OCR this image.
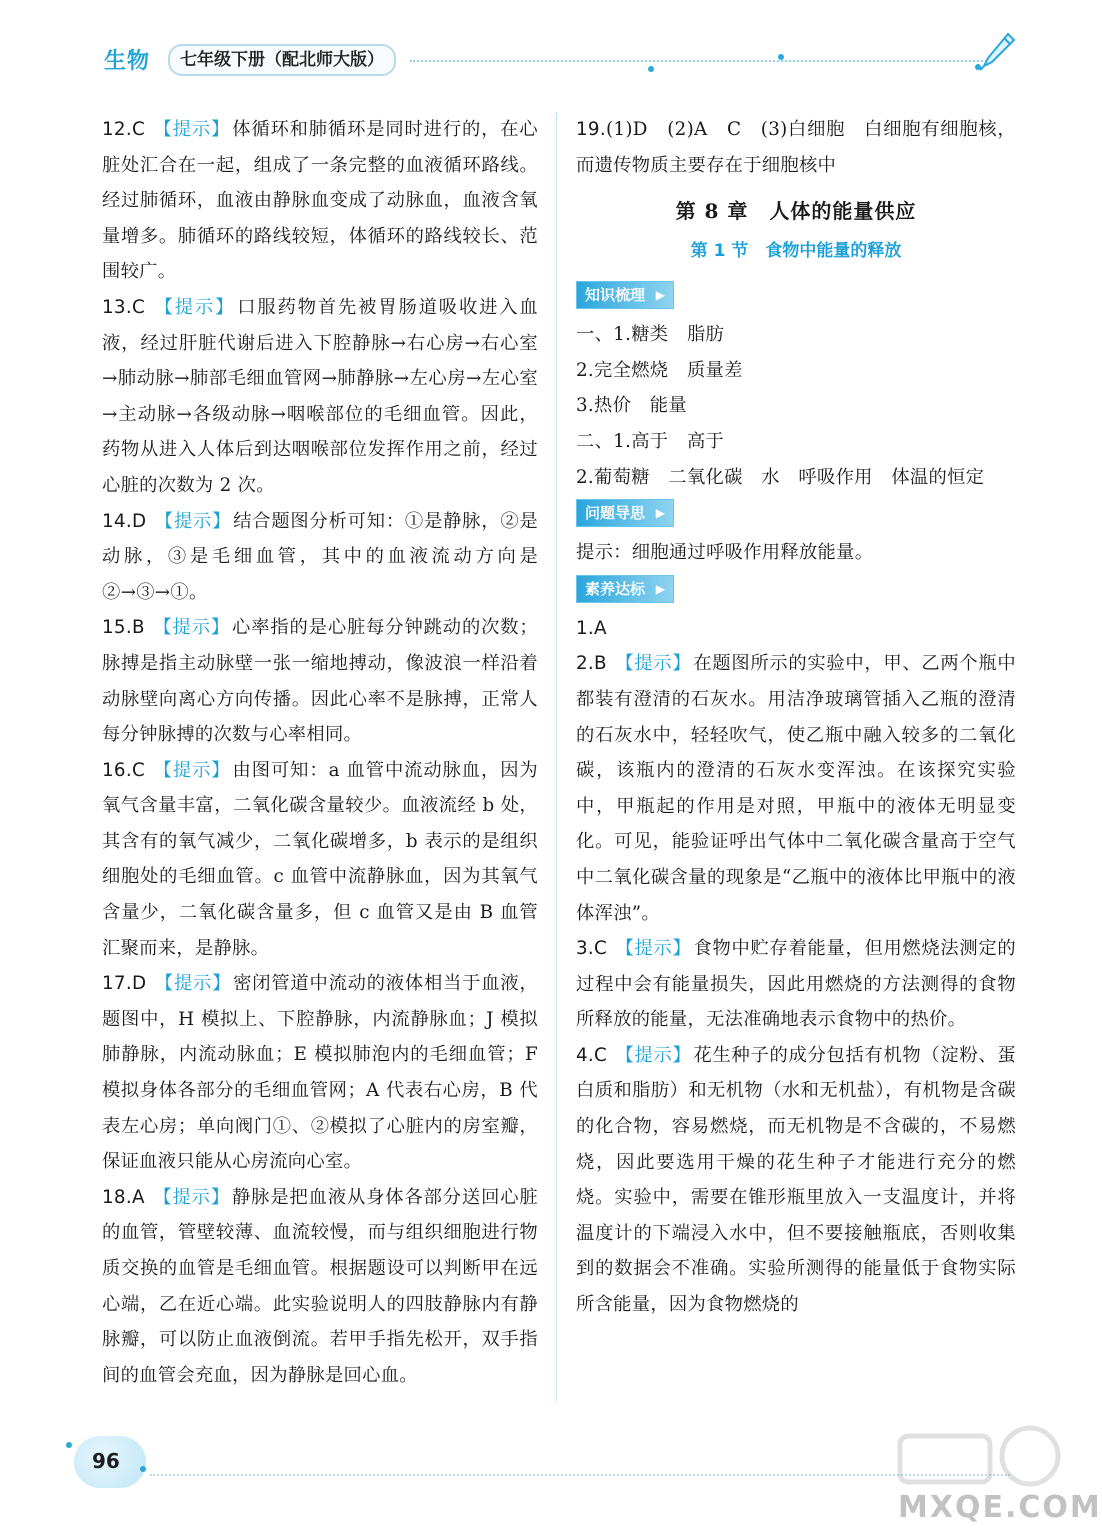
生物	七年级下册（配北师大版）

12.C 【提示】 体循环和肺循环是同时进行的，在心脏处汇合在一起，组成了一条完整的血液循环路线。经过肺循环，血液由静脉血变成了动脉血，血液含氧量增多。肺循环的路线较短，体循环的路线较长、范围较广。

13.C 【提示】 口服药物首先被胃肠道吸收进入血液，经过肝脏代谢后进入下腔静脉→右心房→右心室→肺动脉→肺部毛细血管网→肺静脉→左心房→左心室→主动脉→各级动脉→咽喉部位的毛细血管。因此，药物从进入人体后到达咽喉部位发挥作用之前，经过心脏的次数为 2 次。

14.D 【提示】 结合题图分析可知：①是静脉，②是动脉，③是毛细血管，其中的血液流动方向是②→③→①。

15.B 【提示】 心率指的是心脏每分钟跳动的次数；脉搏是指主动脉壁一张一缩地搏动，像波浪一样沿着动脉壁向离心方向传播。因此心率不是脉搏，正常人每分钟脉搏的次数与心率相同。

16.C 【提示】 由图可知：a 血管中流动脉血，因为氧气含量丰富，二氧化碳含量较少。血液流经 b 处，其含有的氧气减少，二氧化碳增多，b 表示的是组织细胞处的毛细血管。c 血管中流静脉血，因为其氧气含量少，二氧化碳含量多，但 c 血管又是由 B 血管汇聚而来，是静脉。

17.D 【提示】 密闭管道中流动的液体相当于血液，题图中，H 模拟上、下腔静脉，内流静脉血；J 模拟肺静脉，内流动脉血；E 模拟肺泡内的毛细血管；F 模拟身体各部分的毛细血管网；A 代表右心房，B 代表左心房；单向阀门①、②模拟了心脏内的房室瓣，保证血液只能从心房流向心室。

18.A 【提示】 静脉是把血液从身体各部分送回心脏的血管，管壁较薄、血流较慢，而与组织细胞进行物质交换的血管是毛细血管。根据题设可以判断甲在远心端，乙在近心端。此实验说明人的四肢静脉内有静脉瓣，可以防止血液倒流。若甲手指先松开，双手指间的血管会充血，因为静脉是回心血。

19.(1)D　(2)A　C　(3)白细胞　白细胞有细胞核，而遗传物质主要存在于细胞核中

第 8 章　人体的能量供应
第 1 节　食物中能量的释放
知识梳理 ▶

一、1.糖类　脂肪

2.完全燃烧　质量差

3.热价　能量

二、1.高于　高于

2.葡萄糖　二氧化碳　水　呼吸作用　体温的恒定

问题导思 ▶

提示：细胞通过呼吸作用释放能量。

素养达标 ▶

1.A

2.B 【提示】 在题图所示的实验中，甲、乙两个瓶中都装有澄清的石灰水。用洁净玻璃管插入乙瓶的澄清的石灰水中，轻轻吹气，使乙瓶中融入较多的二氧化碳，该瓶内的澄清的石灰水变浑浊。在该探究实验中，甲瓶起的作用是对照，甲瓶中的液体无明显变化。可见，能验证呼出气体中二氧化碳含量高于空气中二氧化碳含量的现象是“乙瓶中的液体比甲瓶中的液体浑浊”。

3.C 【提示】 食物中贮存着能量，但用燃烧法测定的过程中会有能量损失，因此用燃烧的方法测得的食物所释放的能量，无法准确地表示食物中的热价。

4.C 【提示】 花生种子的成分包括有机物（淀粉、蛋白质和脂肪）和无机物（水和无机盐），有机物是含碳的化合物，容易燃烧，而无机物是不含碳的，不易燃烧，因此要选用干燥的花生种子才能进行充分的燃烧。实验中，需要在锥形瓶里放入一支温度计，并将温度计的下端浸入水中，但不要接触瓶底，否则收集到的数据会不准确。实验所测得的能量低于食物实际所含能量，因为食物燃烧的

96
MXQE.COM
